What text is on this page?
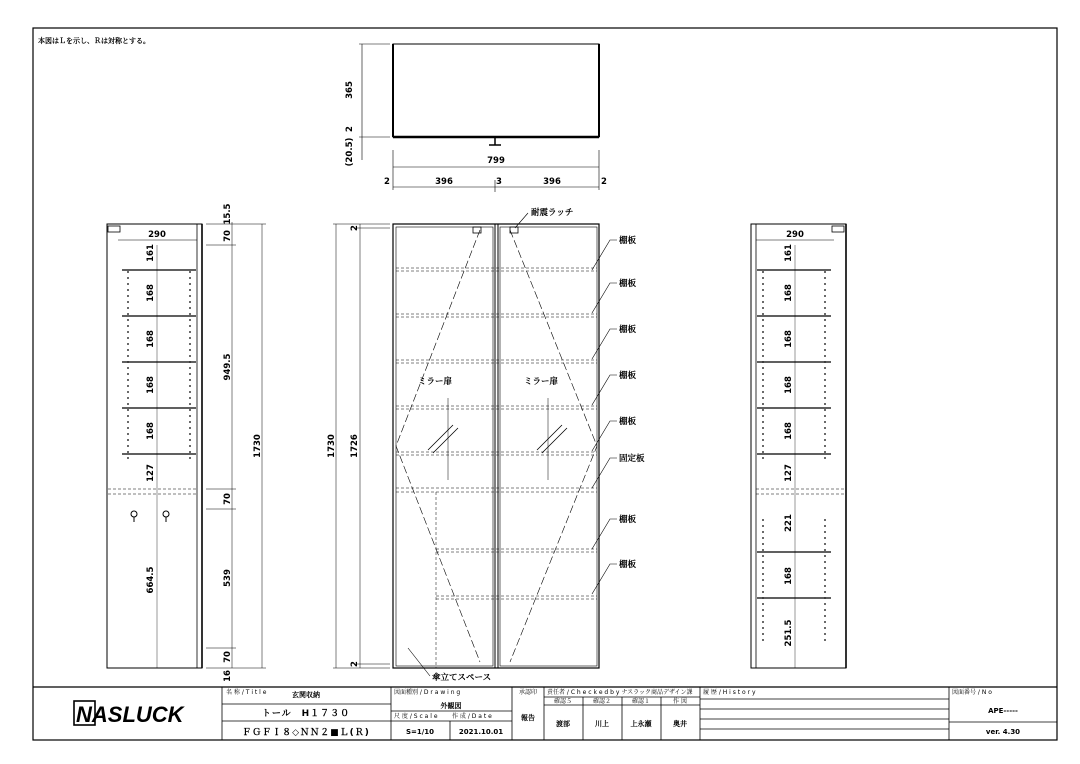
本図はＬを示し、Ｒは対称とする。
365
2
(20.5)	799
2	396	3	396	2
290
161
168
168
168
168
127
664.5
15.5
70
949.5
1730
70
539
70
16
耐震ラッチ
ミラー扉	ミラー扉
傘立てスペース
棚板
棚板
棚板
棚板
棚板
固定板
棚板
棚板
1730 1726
2
2
290
161
168
168
168
168
127
221
168
251.5
NASLUCK
名 称 / T i t l e	玄関収納
トール　H１７３０
ＦＧＦＩ８◇ＮＮ２■Ｌ(Ｒ)
図面種別 / D r a w i n g
外観図
尺 度 / S c a l e 作 成 / D a t e
S=1/10	2021.10.01
承認印
報告
責任者 / C h e c k e d b y ナスラック商品デザイン課
確認５	確認２	確認１	作 図
渡部	川上	上永瀬	奥井
履 歴 / H i s t o r y	図面番号 / N o
APE-----
ver. 4.30
